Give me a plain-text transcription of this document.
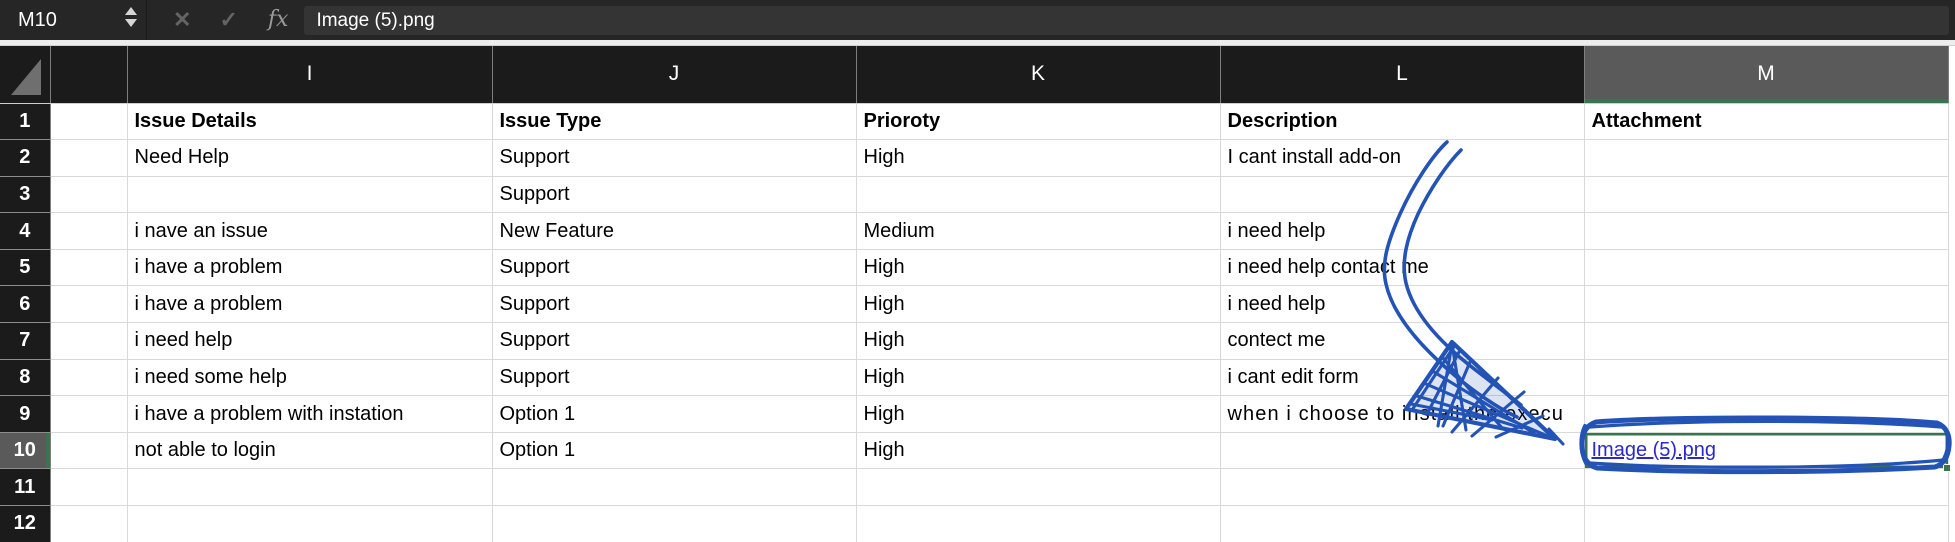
M10	✕ ✓ fx	Image (5).png
		I	J	K	L	M
1		Issue Details	Issue Type	Prioroty	Description	Attachment
2		Need Help	Support	High	I cant install add-on	
3			Support			
4		i nave an issue	New Feature	Medium	i need help	
5		i have a problem	Support	High	i need help contact me	
6		i have a problem	Support	High	i need help	
7		i need help	Support	High	contect me	
8		i need some help	Support	High	i cant edit form	
9		i have a problem with instation	Option 1	High	when i choose to install the execu	
10		not able to login	Option 1	High		Image (5).png

11						
12						
